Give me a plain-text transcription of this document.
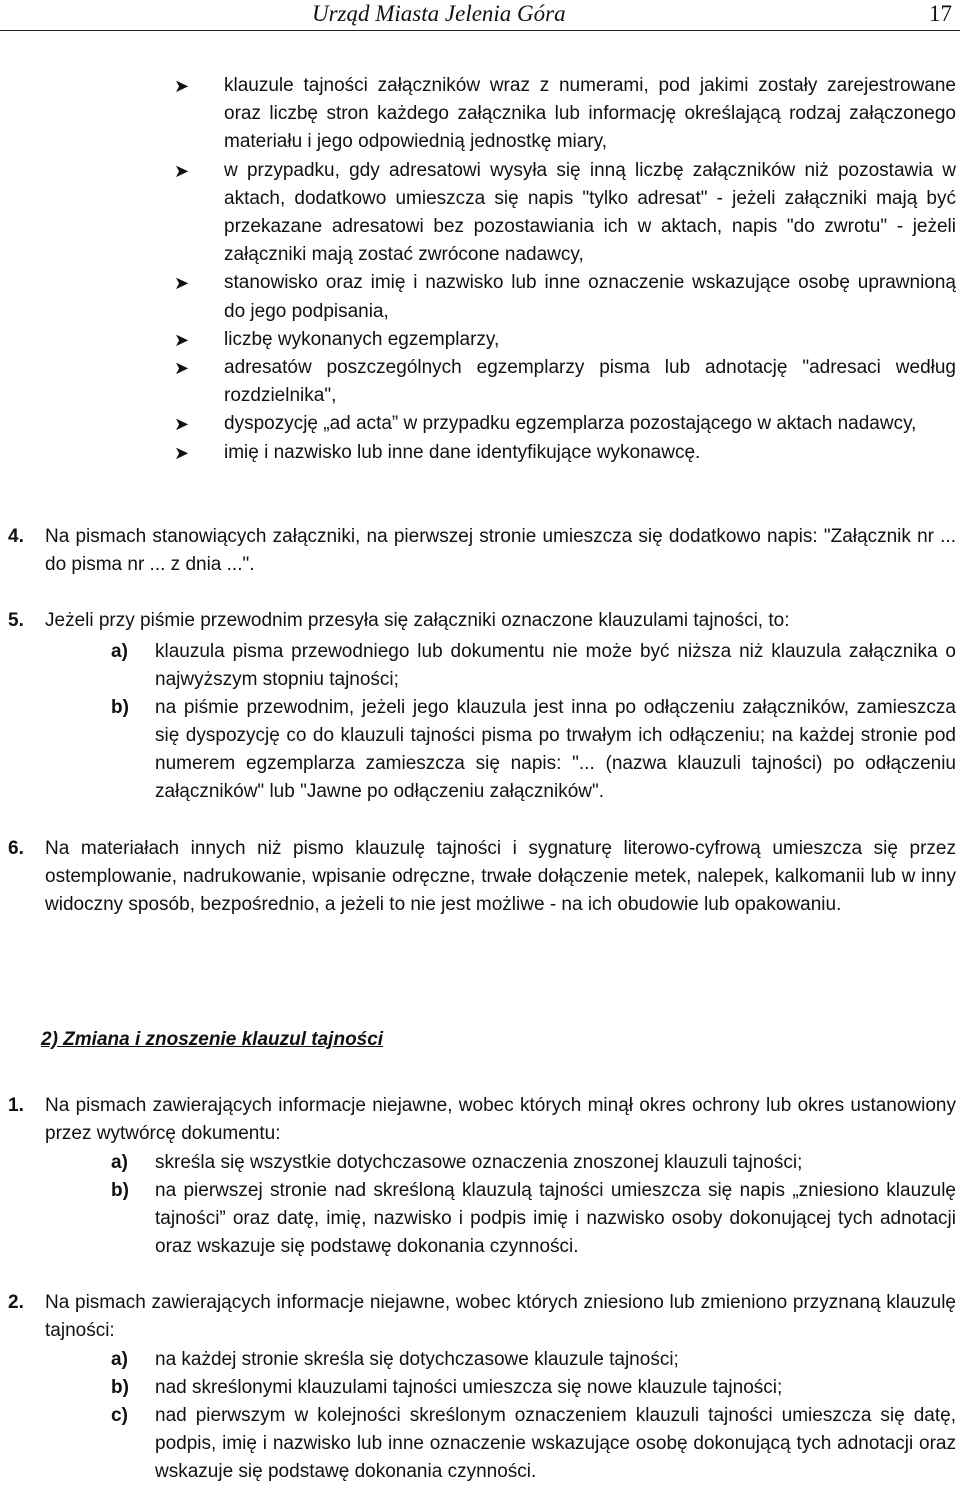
Urząd Miasta Jelenia Góra	17
➤ klauzule tajności załączników wraz z numerami, pod jakimi zostały zarejestrowane oraz liczbę stron każdego załącznika lub informację określającą rodzaj załączonego materiału i jego odpowiednią jednostkę miary,
➤ w przypadku, gdy adresatowi wysyła się inną liczbę załączników niż pozostawia w aktach, dodatkowo umieszcza się napis "tylko adresat" - jeżeli załączniki mają być przekazane adresatowi bez pozostawiania ich w aktach, napis "do zwrotu" - jeżeli załączniki mają zostać zwrócone nadawcy,
➤ stanowisko oraz imię i nazwisko lub inne oznaczenie wskazujące osobę uprawnioną do jego podpisania,
➤ liczbę wykonanych egzemplarzy,
➤ adresatów poszczególnych egzemplarzy pisma lub adnotację "adresaci według rozdzielnika",
➤ dyspozycję „ad acta” w przypadku egzemplarza pozostającego w aktach nadawcy,
➤ imię i nazwisko lub inne dane identyfikujące wykonawcę.
4. Na pismach stanowiących załączniki, na pierwszej stronie umieszcza się dodatkowo napis: "Załącznik nr ... do pisma nr ... z dnia ...".
5. Jeżeli przy piśmie przewodnim przesyła się załączniki oznaczone klauzulami tajności, to:
a) klauzula pisma przewodniego lub dokumentu nie może być niższa niż klauzula załącznika o najwyższym stopniu tajności;
b) na piśmie przewodnim, jeżeli jego klauzula jest inna po odłączeniu załączników, zamieszcza się dyspozycję co do klauzuli tajności pisma po trwałym ich odłączeniu; na każdej stronie pod numerem egzemplarza zamieszcza się napis: "... (nazwa klauzuli tajności) po odłączeniu załączników" lub "Jawne po odłączeniu załączników".
6. Na materiałach innych niż pismo klauzulę tajności i sygnaturę literowo-cyfrową umieszcza się przez ostemplowanie, nadrukowanie, wpisanie odręczne, trwałe dołączenie metek, nalepek, kalkomanii lub w inny widoczny sposób, bezpośrednio, a jeżeli to nie jest możliwe - na ich obudowie lub opakowaniu.
2) Zmiana i znoszenie klauzul tajności
1. Na pismach zawierających informacje niejawne, wobec których minął okres ochrony lub okres ustanowiony przez wytwórcę dokumentu:
a) skreśla się wszystkie dotychczasowe oznaczenia znoszonej klauzuli tajności;
b) na pierwszej stronie nad skreśloną klauzulą tajności umieszcza się napis „zniesiono klauzulę tajności” oraz datę, imię, nazwisko i podpis imię i nazwisko osoby dokonującej tych adnotacji oraz wskazuje się podstawę dokonania czynności.
2. Na pismach zawierających informacje niejawne, wobec których zniesiono lub zmieniono przyznaną klauzulę tajności:
a) na każdej stronie skreśla się dotychczasowe klauzule tajności;
b) nad skreślonymi klauzulami tajności umieszcza się nowe klauzule tajności;
c) nad pierwszym w kolejności skreślonym oznaczeniem klauzuli tajności umieszcza się datę, podpis, imię i nazwisko lub inne oznaczenie wskazujące osobę dokonującą tych adnotacji oraz wskazuje się podstawę dokonania czynności.
